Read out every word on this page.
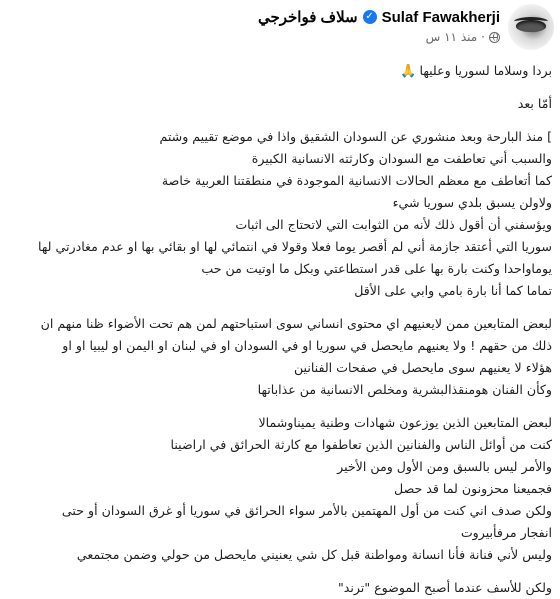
سلاف فواخرجي ✓ Sulaf Fawakherji
منذ ١١ س ·
بردا وسلاما لسوريا وعليها🙏
أمّا بعد
] منذ البارحة وبعد منشوري عن السودان الشقيق واذا في موضع تقييم وشتم
والسبب أني تعاطفت مع السودان وكارثته الانسانية الكبيرة
كما أتعاطف مع معظم الحالات الانسانية الموجودة في منطقتنا العربية خاصة
ولاولن يسبق بلدي سوريا شيء
ويؤسفني أن أقول ذلك لأنه من الثوابت التي لاتحتاج الى اثبات
سوريا التي أعتقد جازمة أني لم أقصر يوما فعلا وقولا في انتمائي لها او بقائي بها او عدم مغادرتي لها
يوماواحدا وكنت بارة بها على قدر استطاعتي وبكل ما اوتيت من حب
تماما كما أنا بارة بامي وابي على الأقل
لبعض المتابعين ممن لايعنيهم اي محتوى انساني سوى استباحتهم لمن هم تحت الأضواء ظنا منهم ان
ذلك من حقهم ! ولا يعنيهم مايحصل في سوريا او في السودان او في لبنان او اليمن او ليبيا او او
هؤلاء لا يعنيهم سوى مايحصل في صفحات الفنانين
وكأن الفنان هومنقذالبشرية ومخلص الانسانية من عذاباتها
لبعض المتابعين الذين يوزعون شهادات وطنية يميناوشمالا
كنت من أوائل الناس والفنانين الذين تعاطفوا مع كارثة الحرائق في اراضينا
والأمر ليس بالسبق ومن الأول ومن الأخير
فجميعنا محزونون لما قد حصل
ولكن صدف اني كنت من أول المهتمين بالأمر سواء الحرائق في سوريا أو غرق السودان أو حتى
انفجار مرفأبيروت
وليس لأني فنانة فأنا انسانة ومواطنة قبل كل شي يعنيني مايحصل من حولي وضمن مجتمعي
ولكن للأسف عندما أصبح الموضوع "ترند"
